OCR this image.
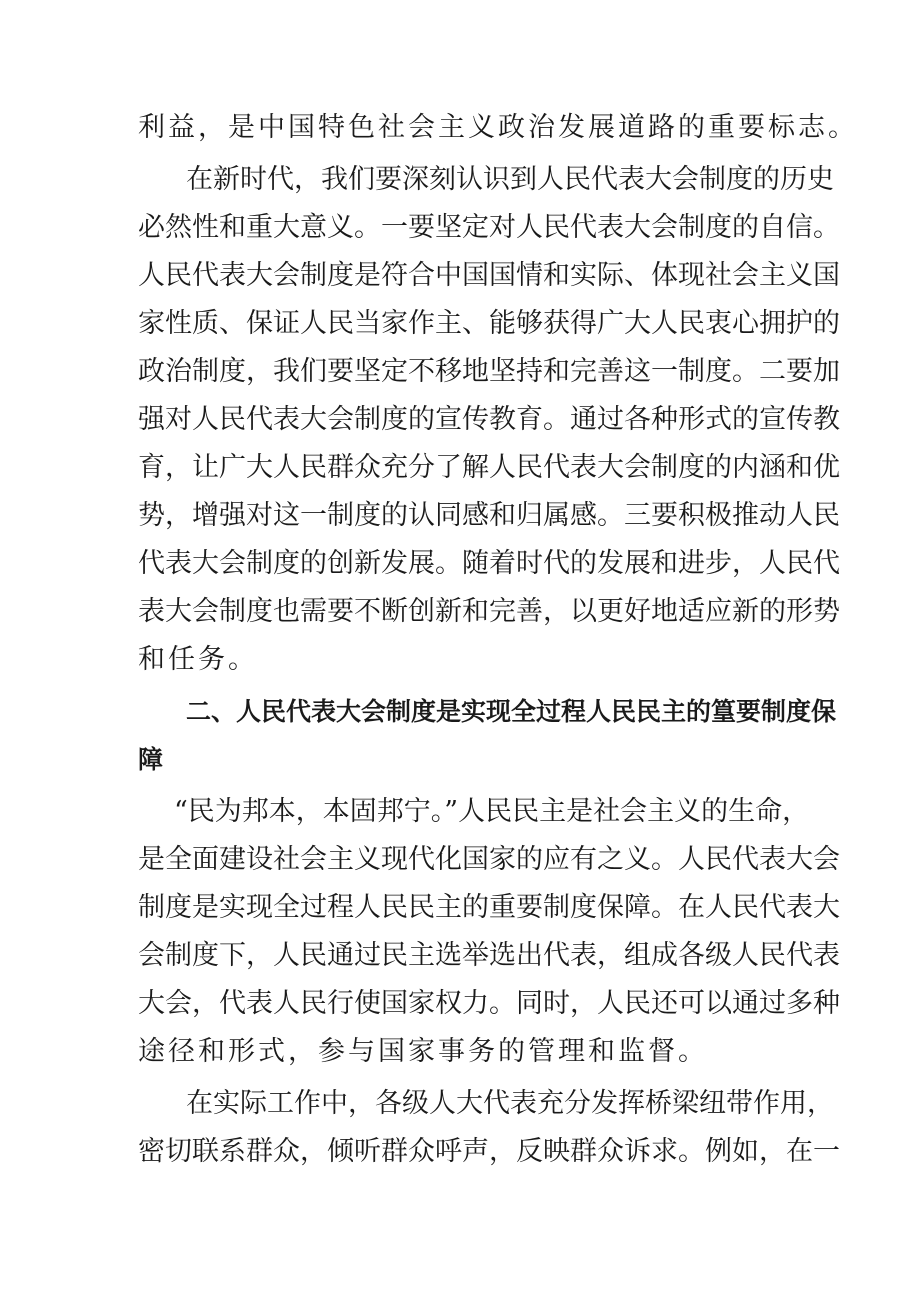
利益，是中国特色社会主义政治发展道路的重要标志。

在新时代，我们要深刻认识到人民代表大会制度的历史

必然性和重大意义。一要坚定对人民代表大会制度的自信。

人民代表大会制度是符合中国国情和实际、体现社会主义国

家性质、保证人民当家作主、能够获得广大人民衷心拥护的

政治制度，我们要坚定不移地坚持和完善这一制度。二要加

强对人民代表大会制度的宣传教育。通过各种形式的宣传教

育，让广大人民群众充分了解人民代表大会制度的内涵和优

势，增强对这一制度的认同感和归属感。三要积极推动人民

代表大会制度的创新发展。随着时代的发展和进步，人民代

表大会制度也需要不断创新和完善，以更好地适应新的形势

和任务。

二、人民代表大会制度是实现全过程人民民主的篁要制度保

障

“民为邦本，本固邦宁。”人民民主是社会主义的生命，

是全面建设社会主义现代化国家的应有之义。人民代表大会

制度是实现全过程人民民主的重要制度保障。在人民代表大

会制度下，人民通过民主选举选出代表，组成各级人民代表

大会，代表人民行使国家权力。同时，人民还可以通过多种

途径和形式，参与国家事务的管理和监督。

在实际工作中，各级人大代表充分发挥桥梁纽带作用，

密切联系群众，倾听群众呼声，反映群众诉求。例如，在一
